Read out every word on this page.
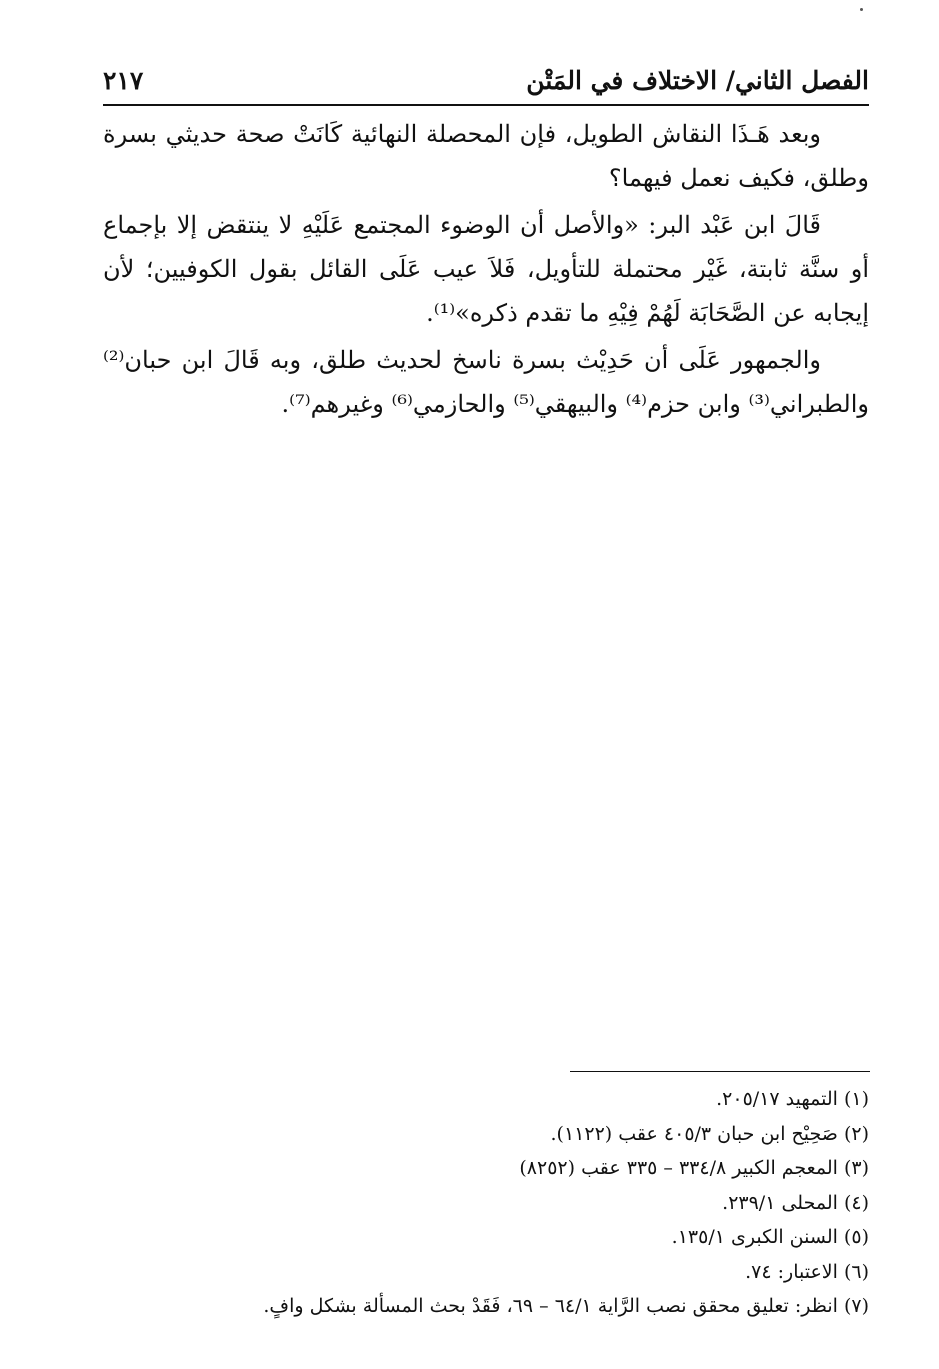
الفصل الثاني/ الاختلاف في المَتْن
٢١٧

وبعد هَـذَا النقاش الطويل، فإن المحصلة النهائية كَانَتْ صحة حديثي بسرة وطلق، فكيف نعمل فيهما؟

قَالَ ابن عَبْد البر: «والأصل أن الوضوء المجتمع عَلَيْهِ لا ينتقض إلا بإجماع أو سنَّة ثابتة، غَيْر محتملة للتأويل، فَلاَ عيب عَلَى القائل بقول الكوفيين؛ لأن إيجابه عن الصَّحَابَة لَهُمْ فِيْهِ ما تقدم ذكره»⁽¹⁾.

والجمهور عَلَى أن حَدِيْث بسرة ناسخ لحديث طلق، وبه قَالَ ابن حبان⁽²⁾ والطبراني⁽³⁾ وابن حزم⁽⁴⁾ والبيهقي⁽⁵⁾ والحازمي⁽⁶⁾ وغيرهم⁽⁷⁾.

(١) التمهيد ٢٠٥/١٧.
(٢) صَحِيْح ابن حبان ٤٠٥/٣ عقب (١١٢٢).
(٣) المعجم الكبير ٣٣٤/٨ – ٣٣٥ عقب (٨٢٥٢)
(٤) المحلى ٢٣٩/١.
(٥) السنن الكبرى ١٣٥/١.
(٦) الاعتبار: ٧٤.
(٧) انظر: تعليق محقق نصب الرَّاية ٦٤/١ – ٦٩، فَقَدْ بحث المسألة بشكل وافٍ.
